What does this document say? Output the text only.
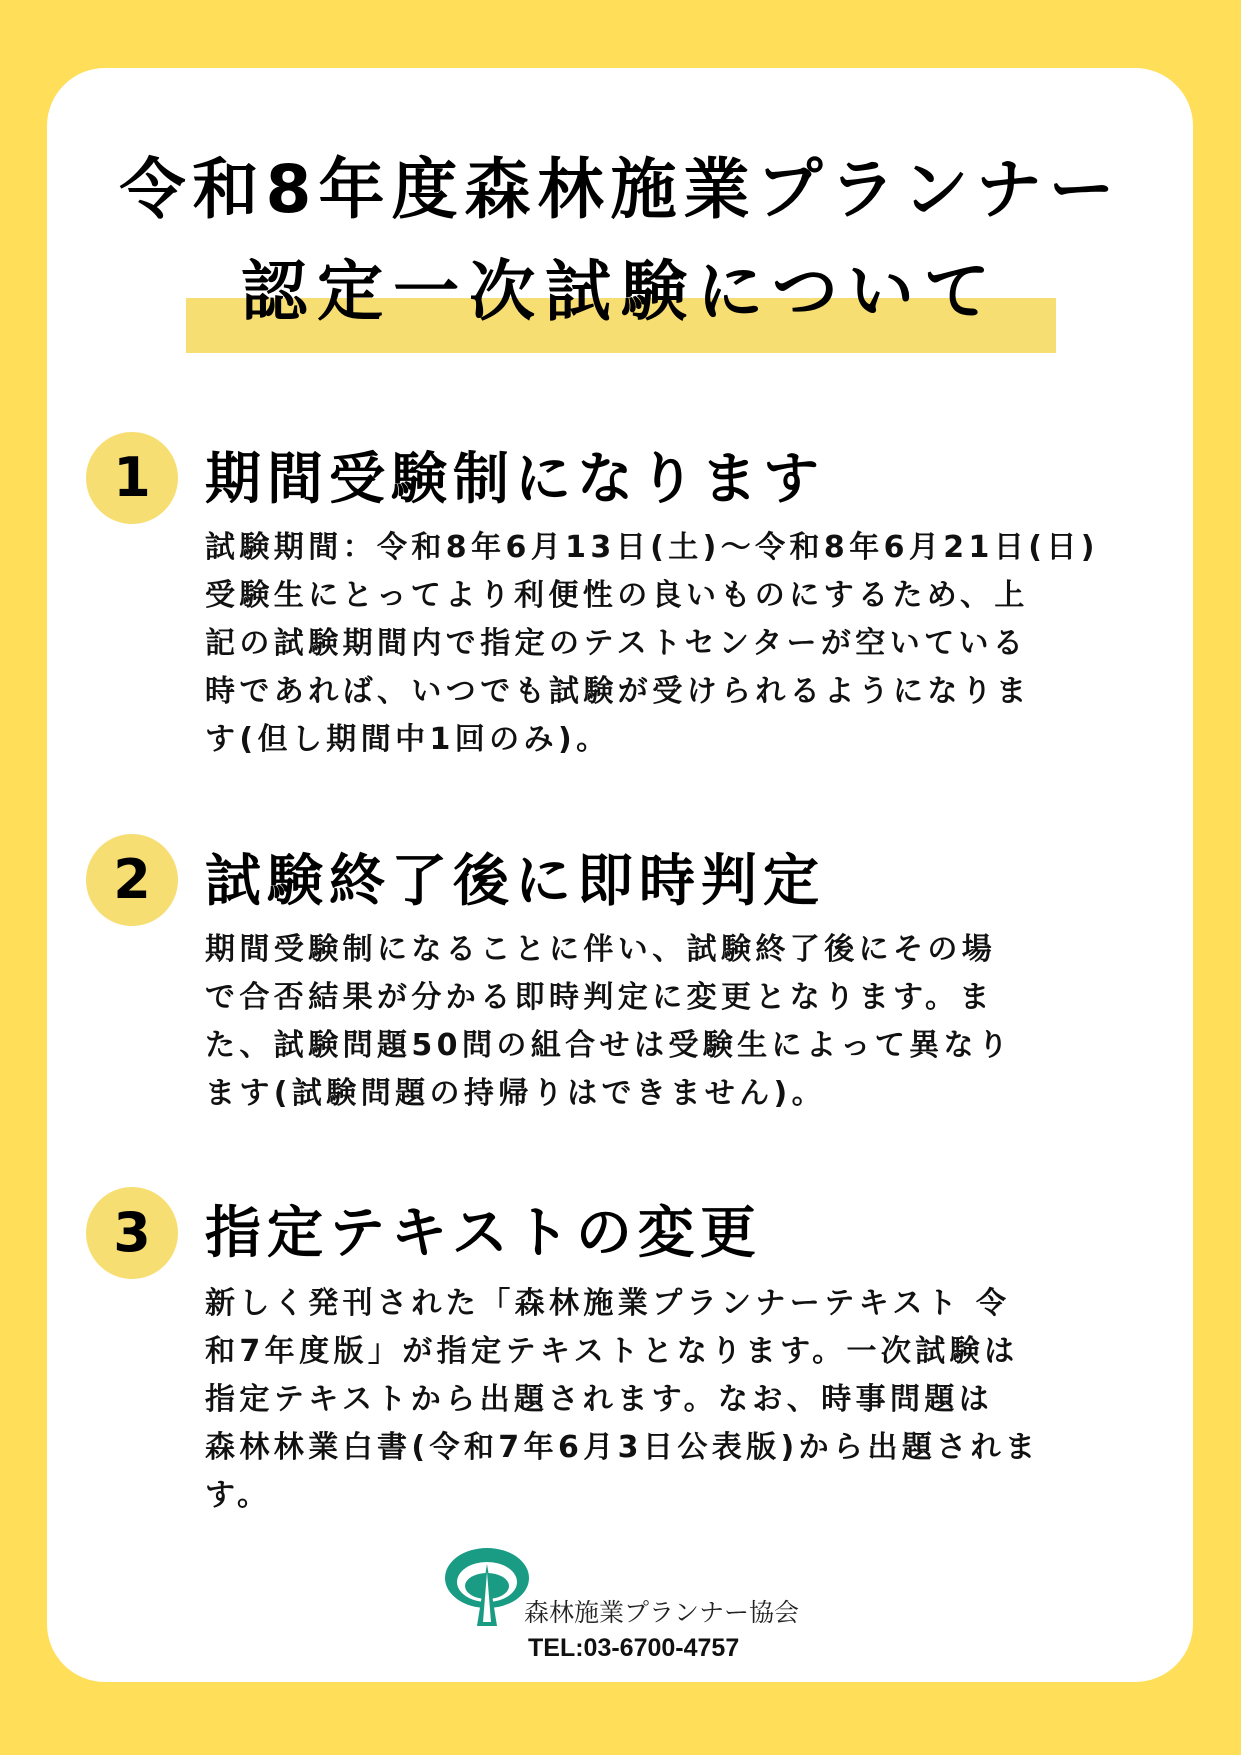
令和8年度森林施業プランナー
認定一次試験について
1 期間受験制になります

試験期間：令和8年6月13日(土)～令和8年6月21日(日)

受験生にとってより利便性の良いものにするため、上

記の試験期間内で指定のテストセンターが空いている

時であれば、いつでも試験が受けられるようになりま

す(但し期間中1回のみ)。

2 試験終了後に即時判定

期間受験制になることに伴い、試験終了後にその場

で合否結果が分かる即時判定に変更となります。ま

た、試験問題50問の組合せは受験生によって異なり

ます(試験問題の持帰りはできません)。

3 指定テキストの変更

新しく発刊された「森林施業プランナーテキスト 令

和7年度版」が指定テキストとなります。一次試験は

指定テキストから出題されます。なお、時事問題は

森林林業白書(令和7年6月3日公表版)から出題されま

す。

森林施業プランナー協会
TEL:03-6700-4757
